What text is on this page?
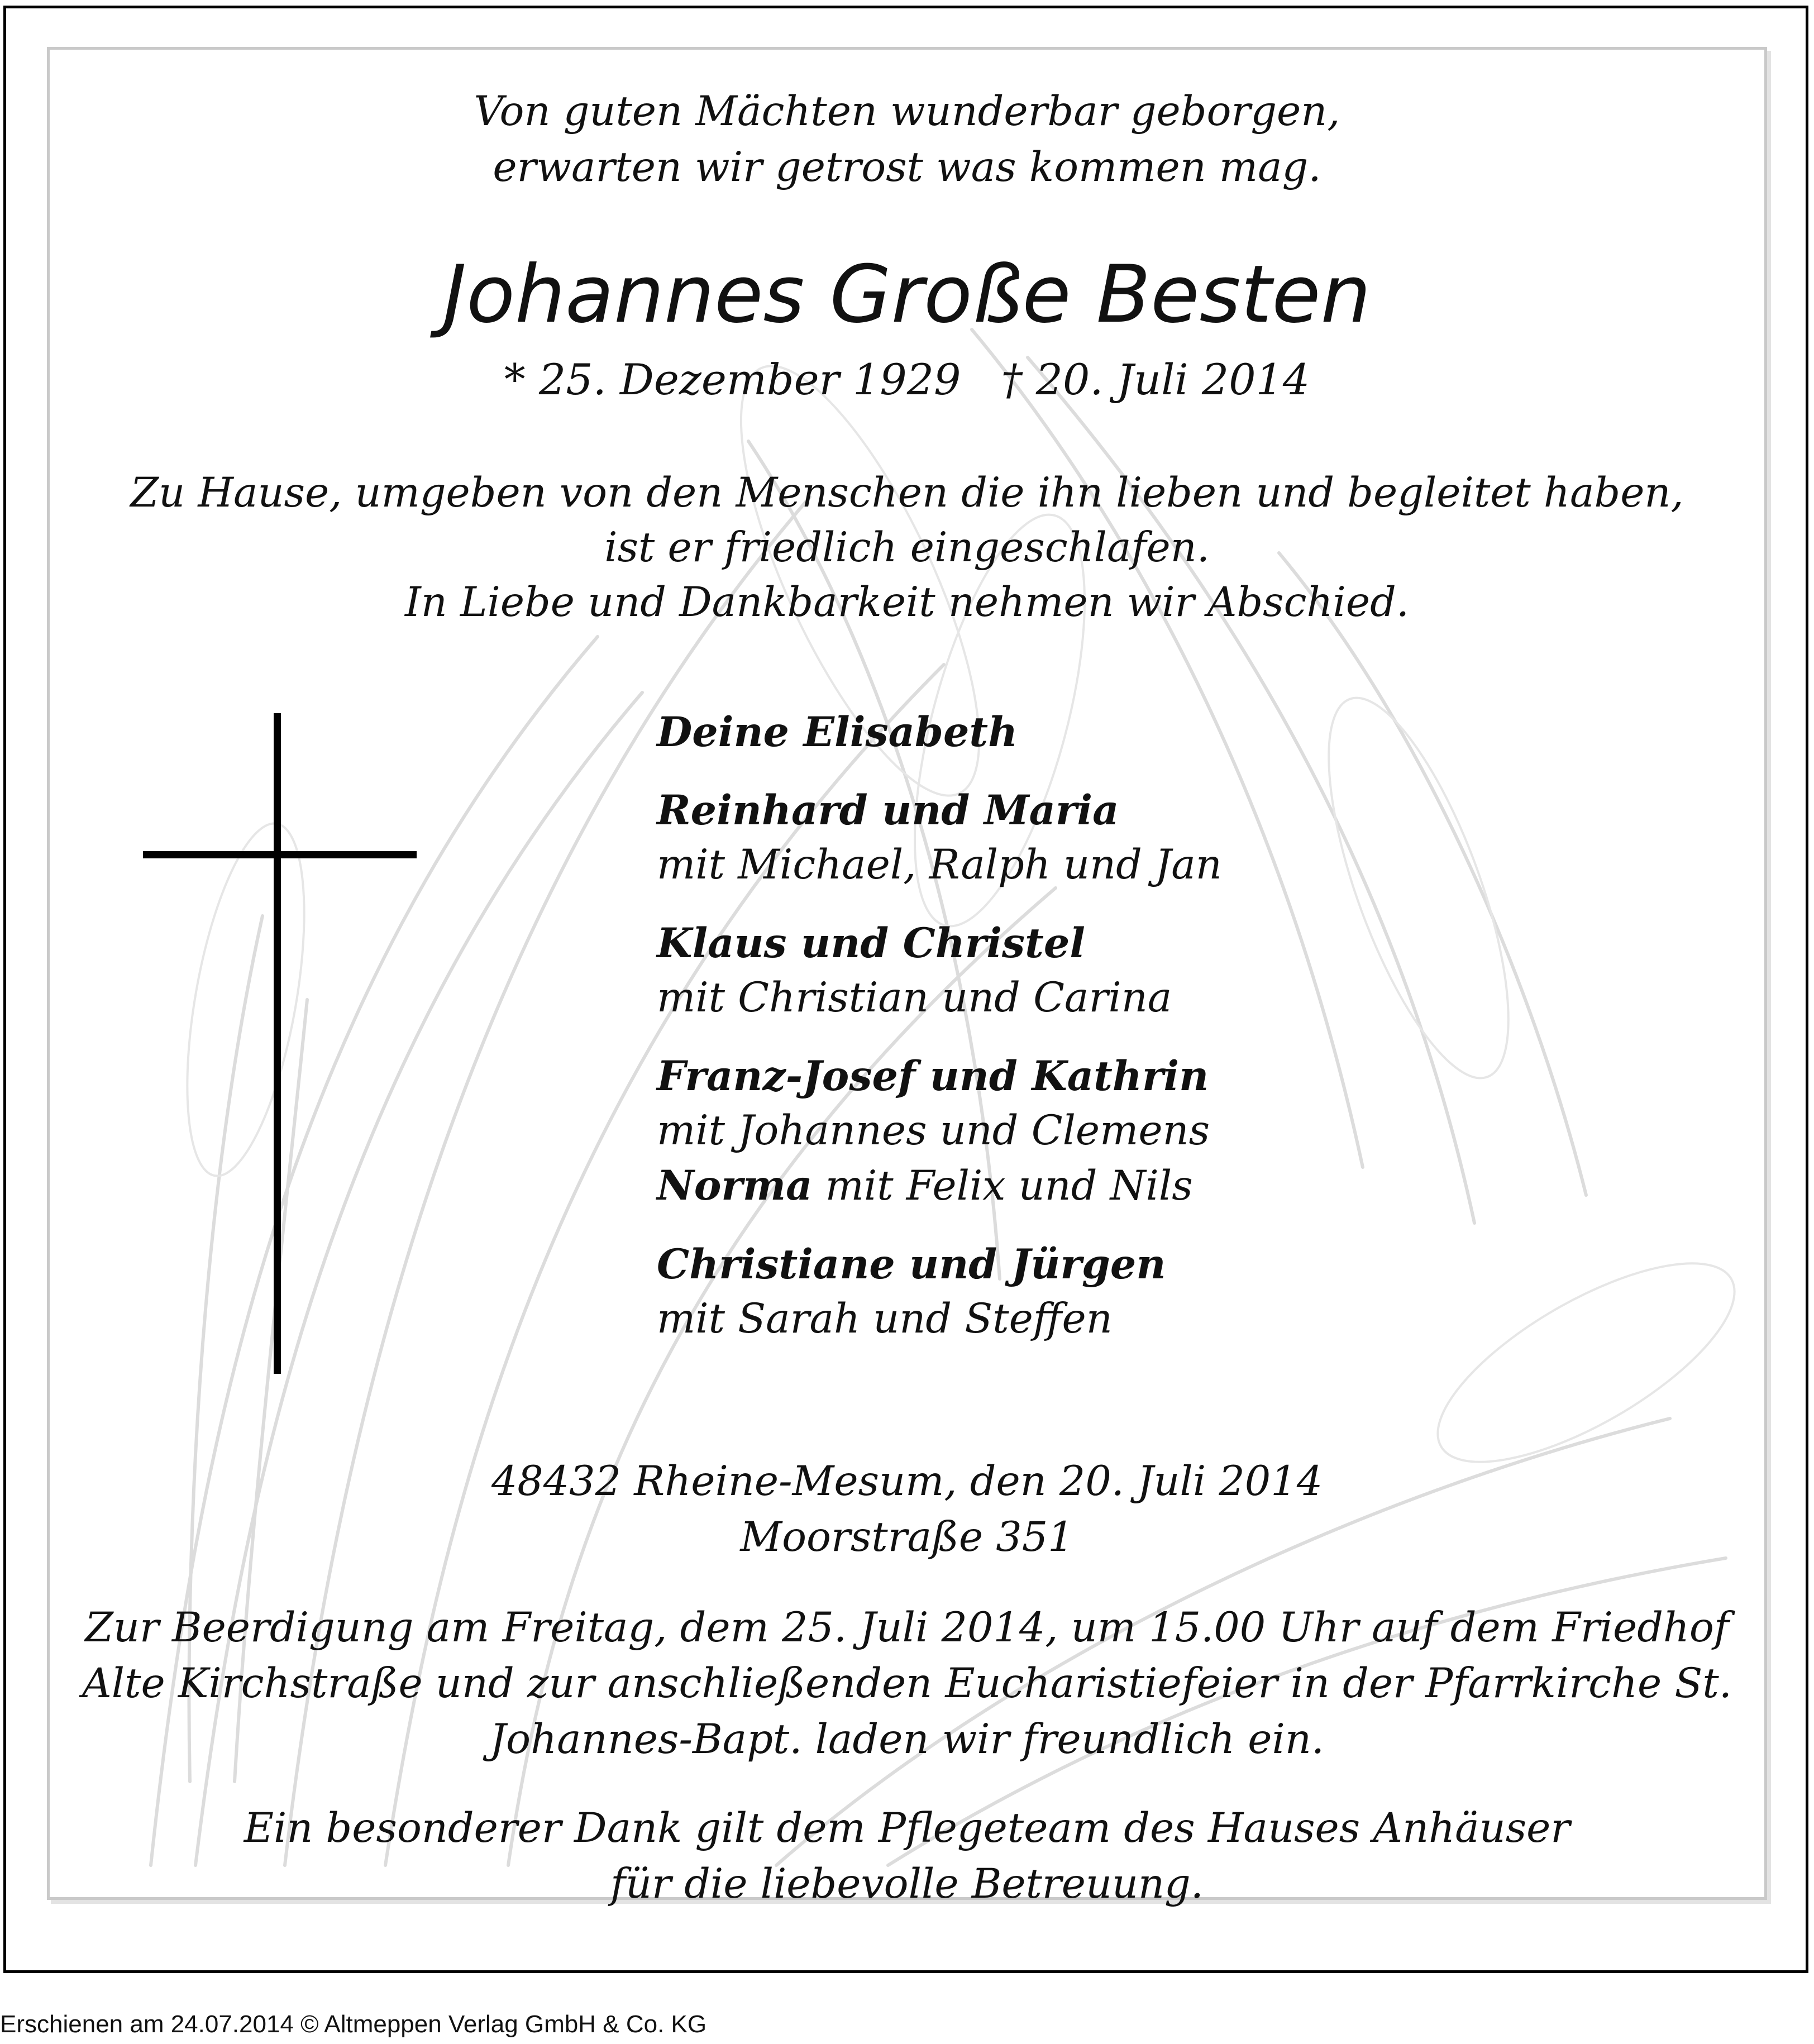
Von guten Mächten wunderbar geborgen,
erwarten wir getrost was kommen mag.
Johannes Große Besten
* 25. Dezember 1929 † 20. Juli 2014
Zu Hause, umgeben von den Menschen die ihn lieben und begleitet haben,
ist er friedlich eingeschlafen.
In Liebe und Dankbarkeit nehmen wir Abschied.
Deine Elisabeth
Reinhard und Maria
mit Michael, Ralph und Jan
Klaus und Christel
mit Christian und Carina
Franz-Josef und Kathrin
mit Johannes und Clemens
Norma mit Felix und Nils
Christiane und Jürgen
mit Sarah und Steffen
48432 Rheine-Mesum, den 20. Juli 2014
Moorstraße 351
Zur Beerdigung am Freitag, dem 25. Juli 2014, um 15.00 Uhr auf dem Friedhof
Alte Kirchstraße und zur anschließenden Eucharistiefeier in der Pfarrkirche St.
Johannes-Bapt. laden wir freundlich ein.
Ein besonderer Dank gilt dem Pflegeteam des Hauses Anhäuser
für die liebevolle Betreuung.
Erschienen am 24.07.2014 © Altmeppen Verlag GmbH & Co. KG
